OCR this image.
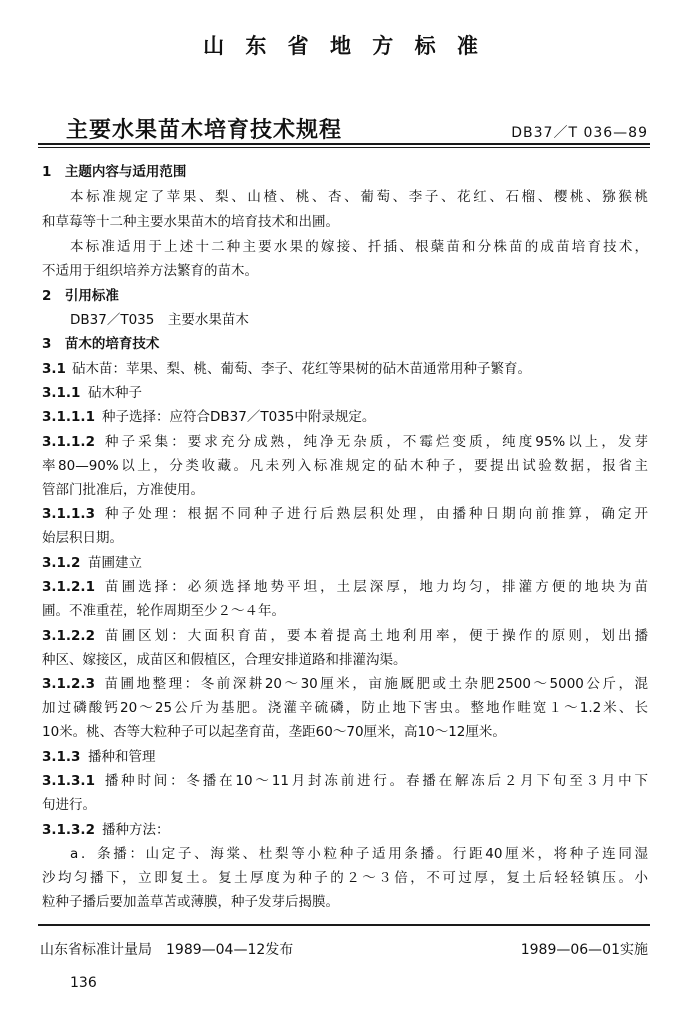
山 东 省 地 方 标 准
主要水果苗木培育技术规程	DB37／T 036—89
1　主题内容与适用范围
本标准规定了苹果、梨、山楂、桃、杏、葡萄、李子、花红、石榴、樱桃、猕猴桃
和草莓等十二种主要水果苗木的培育技术和出圃。
本标准适用于上述十二种主要水果的嫁接、扦插、根蘖苗和分株苗的成苗培育技术，
不适用于组织培养方法繁育的苗木。
2　引用标准
DB37／T035　主要水果苗木
3　苗木的培育技术
3.1 砧木苗：苹果、梨、桃、葡萄、李子、花红等果树的砧木苗通常用种子繁育。
3.1.1 砧木种子
3.1.1.1 种子选择：应符合DB37／T035中附录规定。
3.1.1.2 种子采集：要求充分成熟，纯净无杂质，不霉烂变质，纯度95%以上，发芽
率80—90%以上，分类收藏。凡未列入标准规定的砧木种子，要提出试验数据，报省主
管部门批准后，方准使用。
3.1.1.3 种子处理：根据不同种子进行后熟层积处理，由播种日期向前推算，确定开
始层积日期。
3.1.2 苗圃建立
3.1.2.1 苗圃选择：必须选择地势平坦，土层深厚，地力均匀，排灌方便的地块为苗
圃。不准重茬，轮作周期至少２～４年。
3.1.2.2 苗圃区划：大面积育苗，要本着提高土地利用率，便于操作的原则，划出播
种区、嫁接区，成苗区和假植区，合理安排道路和排灌沟渠。
3.1.2.3 苗圃地整理：冬前深耕20～30厘米，亩施厩肥或土杂肥2500～5000公斤，混
加过磷酸钙20～25公斤为基肥。浇灌辛硫磷，防止地下害虫。整地作畦宽１～1.2米、长
10米。桃、杏等大粒种子可以起垄育苗，垄距60～70厘米，高10～12厘米。
3.1.3 播种和管理
3.1.3.1 播种时间：冬播在10～11月封冻前进行。春播在解冻后２月下旬至３月中下
旬进行。
3.1.3.2 播种方法：
a．条播：山定子、海棠、杜梨等小粒种子适用条播。行距40厘米，将种子连同湿
沙均匀播下，立即复土。复土厚度为种子的２～３倍，不可过厚，复土后轻轻镇压。小
粒种子播后要加盖草苫或薄膜，种子发芽后揭膜。
山东省标准计量局　1989—04—12发布	1989—06—01实施
136
